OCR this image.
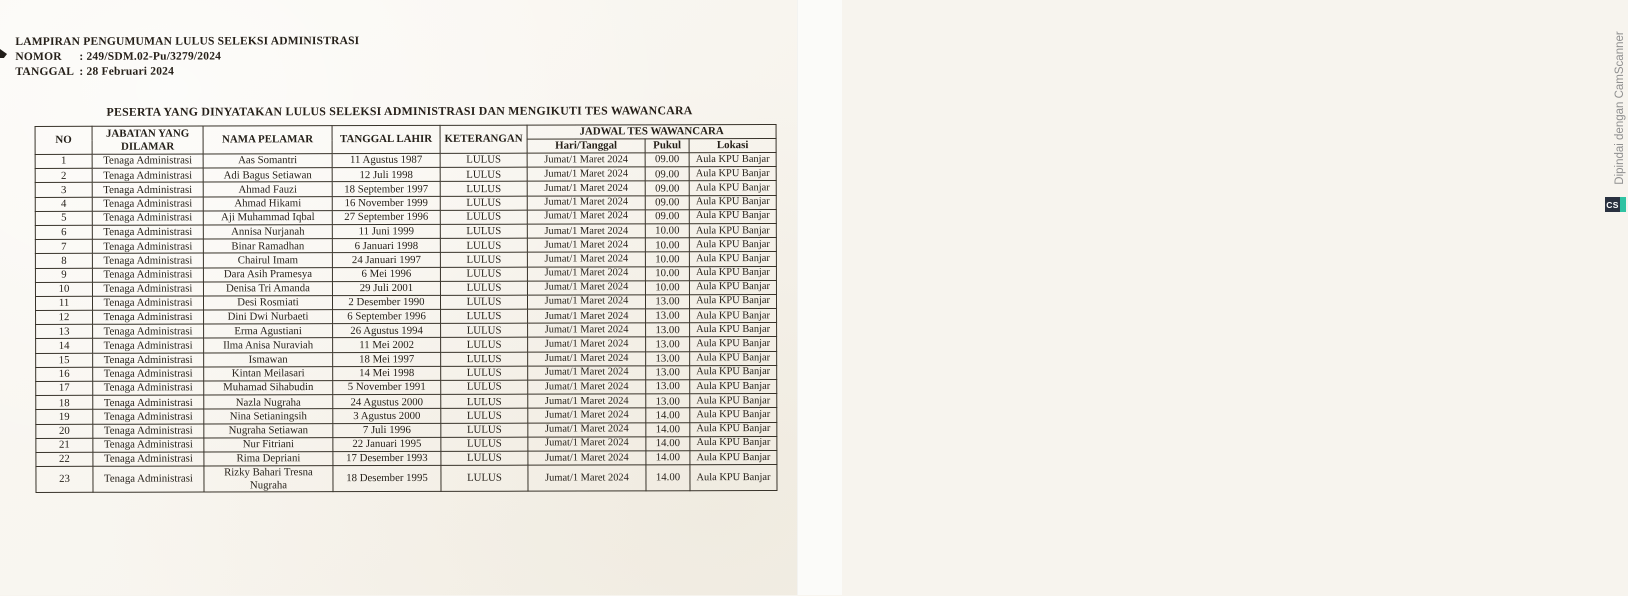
LAMPIRAN PENGUMUMAN LULUS SELEKSI ADMINISTRASI
NOMOR : 249/SDM.02-Pu/3279/2024
TANGGAL : 28 Februari 2024
PESERTA YANG DINYATAKAN LULUS SELEKSI ADMINISTRASI DAN MENGIKUTI TES WAWANCARA
NO	JABATAN YANG DILAMAR	NAMA PELAMAR	TANGGAL LAHIR	KETERANGAN	JADWAL TES WAWANCARA		
					Hari/Tanggal	Pukul	Lokasi
1	Tenaga Administrasi	Aas Somantri	11 Agustus 1987	LULUS	Jumat/1 Maret 2024	09.00	Aula KPU Banjar
2	Tenaga Administrasi	Adi Bagus Setiawan	12 Juli 1998	LULUS	Jumat/1 Maret 2024	09.00	Aula KPU Banjar
3	Tenaga Administrasi	Ahmad Fauzi	18 September 1997	LULUS	Jumat/1 Maret 2024	09.00	Aula KPU Banjar
4	Tenaga Administrasi	Ahmad Hikami	16 November 1999	LULUS	Jumat/1 Maret 2024	09.00	Aula KPU Banjar
5	Tenaga Administrasi	Aji Muhammad Iqbal	27 September 1996	LULUS	Jumat/1 Maret 2024	09.00	Aula KPU Banjar
6	Tenaga Administrasi	Annisa Nurjanah	11 Juni 1999	LULUS	Jumat/1 Maret 2024	10.00	Aula KPU Banjar
7	Tenaga Administrasi	Binar Ramadhan	6 Januari 1998	LULUS	Jumat/1 Maret 2024	10.00	Aula KPU Banjar
8	Tenaga Administrasi	Chairul Imam	24 Januari 1997	LULUS	Jumat/1 Maret 2024	10.00	Aula KPU Banjar
9	Tenaga Administrasi	Dara Asih Pramesya	6 Mei 1996	LULUS	Jumat/1 Maret 2024	10.00	Aula KPU Banjar
10	Tenaga Administrasi	Denisa Tri Amanda	29 Juli 2001	LULUS	Jumat/1 Maret 2024	10.00	Aula KPU Banjar
11	Tenaga Administrasi	Desi Rosmiati	2 Desember 1990	LULUS	Jumat/1 Maret 2024	13.00	Aula KPU Banjar
12	Tenaga Administrasi	Dini Dwi Nurbaeti	6 September 1996	LULUS	Jumat/1 Maret 2024	13.00	Aula KPU Banjar
13	Tenaga Administrasi	Erma Agustiani	26 Agustus 1994	LULUS	Jumat/1 Maret 2024	13.00	Aula KPU Banjar
14	Tenaga Administrasi	Ilma Anisa Nuraviah	11 Mei 2002	LULUS	Jumat/1 Maret 2024	13.00	Aula KPU Banjar
15	Tenaga Administrasi	Ismawan	18 Mei 1997	LULUS	Jumat/1 Maret 2024	13.00	Aula KPU Banjar
16	Tenaga Administrasi	Kintan Meilasari	14 Mei 1998	LULUS	Jumat/1 Maret 2024	13.00	Aula KPU Banjar
17	Tenaga Administrasi	Muhamad Sihabudin	5 November 1991	LULUS	Jumat/1 Maret 2024	13.00	Aula KPU Banjar
18	Tenaga Administrasi	Nazla Nugraha	24 Agustus 2000	LULUS	Jumat/1 Maret 2024	13.00	Aula KPU Banjar
19	Tenaga Administrasi	Nina Setianingsih	3 Agustus 2000	LULUS	Jumat/1 Maret 2024	14.00	Aula KPU Banjar
20	Tenaga Administrasi	Nugraha Setiawan	7 Juli 1996	LULUS	Jumat/1 Maret 2024	14.00	Aula KPU Banjar
21	Tenaga Administrasi	Nur Fitriani	22 Januari 1995	LULUS	Jumat/1 Maret 2024	14.00	Aula KPU Banjar
22	Tenaga Administrasi	Rima Depriani	17 Desember 1993	LULUS	Jumat/1 Maret 2024	14.00	Aula KPU Banjar
23	Tenaga Administrasi	Rizky Bahari Tresna Nugraha	18 Desember 1995	LULUS	Jumat/1 Maret 2024	14.00	Aula KPU Banjar
Dipindai dengan CamScanner
CS
